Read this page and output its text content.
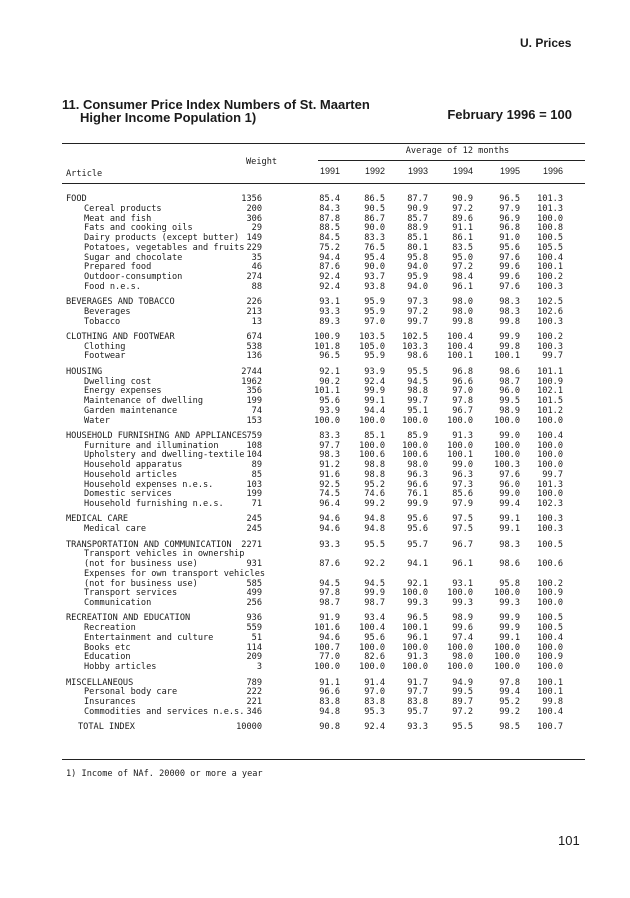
U. Prices
11. Consumer Price Index Numbers of St. Maarten
Higher Income Population 1)	February 1996 = 100
Average of 12 months
Weight
Article	1991	1992	1993	1994	1995	1996
FOOD	1356	85.4	86.5	87.7	90.9	96.5	101.3
Cereal products	200	84.3	90.5	90.9	97.2	97.9	101.3
Meat and fish	306	87.8	86.7	85.7	89.6	96.9	100.0
Fats and cooking oils	29	88.5	90.0	88.9	91.1	96.8	100.8
Dairy products (except butter) 149	84.5	83.3	85.1	86.1	91.0	100.5
Potatoes, vegetables and fruits 229	75.2	76.5	80.1	83.5	95.6	105.5
Sugar and chocolate	35	94.4	95.4	95.8	95.0	97.6	100.4
Prepared food	46	87.6	90.0	94.0	97.2	99.6	100.1
Outdoor-consumption	274	92.4	93.7	95.9	98.4	99.6	100.2
Food n.e.s.	88	92.4	93.8	94.0	96.1	97.6	100.3
BEVERAGES AND TOBACCO	226	93.1	95.9	97.3	98.0	98.3	102.5
Beverages	213	93.3	95.9	97.2	98.0	98.3	102.6
Tobacco	13	89.3	97.0	99.7	99.8	99.8	100.3
CLOTHING AND FOOTWEAR	674	100.9	103.5	102.5	100.4	99.9	100.2
Clothing	538	101.8	105.0	103.3	100.4	99.8	100.3
Footwear	136	96.5	95.9	98.6	100.1	100.1	99.7
HOUSING	2744	92.1	93.9	95.5	96.8	98.6	101.1
Dwelling cost	1962	90.2	92.4	94.5	96.6	98.7	100.9
Energy expenses	356	101.1	99.9	98.8	97.0	96.0	102.1
Maintenance of dwelling	199	95.6	99.1	99.7	97.8	99.5	101.5
Garden maintenance	74	93.9	94.4	95.1	96.7	98.9	101.2
Water	153	100.0	100.0	100.0	100.0	100.0	100.0
HOUSEHOLD FURNISHING AND APPLIANCES 759	83.3	85.1	85.9	91.3	99.0	100.4
Furniture and illumination	108	97.7	100.0	100.0	100.0	100.0	100.0
Upholstery and dwelling-textile 104	98.3	100.6	100.6	100.1	100.0	100.0
Household apparatus	89	91.2	98.8	98.0	99.0	100.3	100.0
Household articles	85	91.6	98.8	96.3	96.3	97.6	99.7
Household expenses n.e.s.	103	92.5	95.2	96.6	97.3	96.0	101.3
Domestic services	199	74.5	74.6	76.1	85.6	99.0	100.0
Household furnishing n.e.s.	71	96.4	99.2	99.9	97.9	99.4	102.3
MEDICAL CARE	245	94.6	94.8	95.6	97.5	99.1	100.3
Medical care	245	94.6	94.8	95.6	97.5	99.1	100.3
TRANSPORTATION AND COMMUNICATION	2271	93.3	95.5	95.7	96.7	98.3	100.5
Transport vehicles in ownership
(not for business use)	931	87.6	92.2	94.1	96.1	98.6	100.6
Expenses for own transport vehicles
(not for business use)	585	94.5	94.5	92.1	93.1	95.8	100.2
Transport services	499	97.8	99.9	100.0	100.0	100.0	100.9
Communication	256	98.7	98.7	99.3	99.3	99.3	100.0
RECREATION AND EDUCATION	936	91.9	93.4	96.5	98.9	99.9	100.5
Recreation	559	101.6	100.4	100.1	99.6	99.9	100.5
Entertainment and culture	51	94.6	95.6	96.1	97.4	99.1	100.4
Books etc	114	100.7	100.0	100.0	100.0	100.0	100.0
Education	209	77.0	82.6	91.3	98.0	100.0	100.9
Hobby articles	3	100.0	100.0	100.0	100.0	100.0	100.0
MISCELLANEOUS	789	91.1	91.4	91.7	94.9	97.8	100.1
Personal body care	222	96.6	97.0	97.7	99.5	99.4	100.1
Insurances	221	83.8	83.8	83.8	89.7	95.2	99.8
Commodities and services n.e.s. 346	94.8	95.3	95.7	97.2	99.2	100.4
TOTAL INDEX	10000	90.8	92.4	93.3	95.5	98.5	100.7
1) Income of NAf. 20000 or more a year
101
